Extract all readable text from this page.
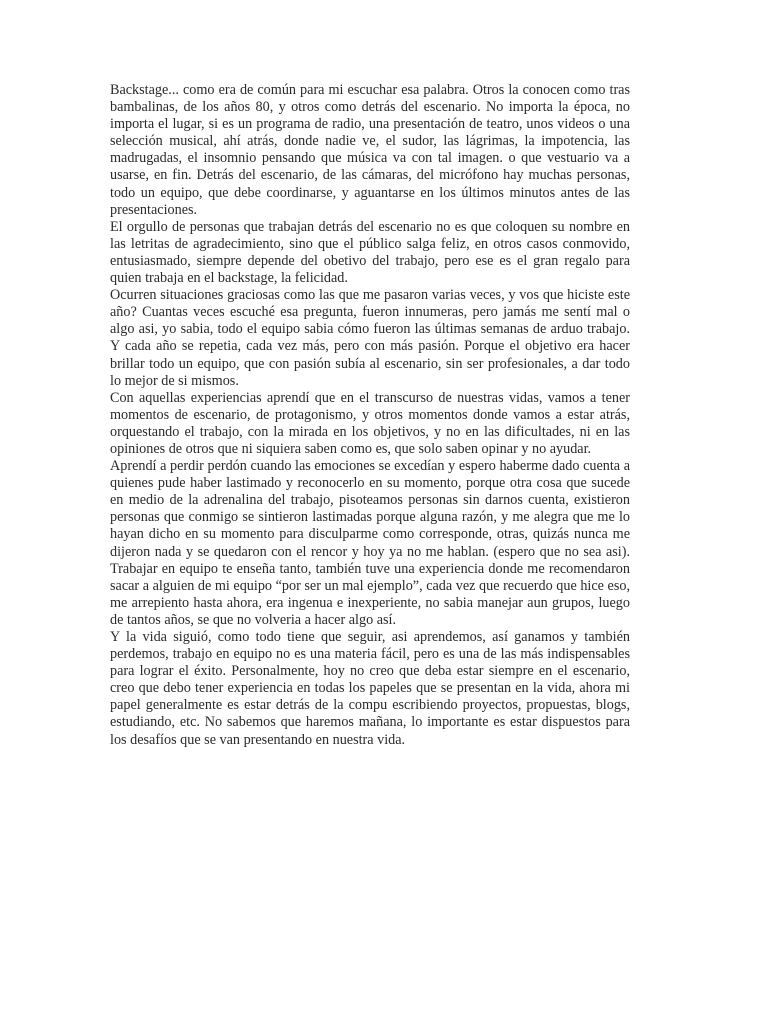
Backstage... como era de común para mi escuchar esa palabra. Otros la conocen como tras bambalinas, de los años 80, y otros como detrás del escenario. No importa la época, no importa el lugar, si es un programa de radio, una presentación de teatro, unos videos o una selección musical, ahí atrás, donde nadie ve, el sudor, las lágrimas, la impotencia, las madrugadas, el insomnio pensando que música va con tal imagen. o que vestuario va a usarse, en fin. Detrás del escenario, de las cámaras, del micrófono hay muchas personas, todo un equipo, que debe coordinarse, y aguantarse en los últimos minutos antes de las presentaciones.

El orgullo de personas que trabajan detrás del escenario no es que coloquen su nombre en las letritas de agradecimiento, sino que el público salga feliz, en otros casos conmovido, entusiasmado, siempre depende del obetivo del trabajo, pero ese es el gran regalo para quien trabaja en el backstage, la felicidad.

Ocurren situaciones graciosas como las que me pasaron varias veces, y vos que hiciste este año? Cuantas veces escuché esa pregunta, fueron innumeras, pero jamás me sentí mal o algo asi, yo sabia, todo el equipo sabia cómo fueron las últimas semanas de arduo trabajo. Y cada año se repetia, cada vez más, pero con más pasión. Porque el objetivo era hacer brillar todo un equipo, que con pasión subía al escenario, sin ser profesionales, a dar todo lo mejor de si mismos.

Con aquellas experiencias aprendí que en el transcurso de nuestras vidas, vamos a tener momentos de escenario, de protagonismo, y otros momentos donde vamos a estar atrás, orquestando el trabajo, con la mirada en los objetivos, y no en las dificultades, ni en las opiniones de otros que ni siquiera saben como es, que solo saben opinar y no ayudar.

Aprendí a perdir perdón cuando las emociones se excedían y espero haberme dado cuenta a quienes pude haber lastimado y reconocerlo en su momento, porque otra cosa que sucede en medio de la adrenalina del trabajo, pisoteamos personas sin darnos cuenta, existieron personas que conmigo se sintieron lastimadas porque alguna razón, y me alegra que me lo hayan dicho en su momento para disculparme como corresponde, otras, quizás nunca me dijeron nada y se quedaron con el rencor y hoy ya no me hablan. (espero que no sea asi). Trabajar en equipo te enseña tanto, también tuve una experiencia donde me recomendaron sacar a alguien de mi equipo “por ser un mal ejemplo”, cada vez que recuerdo que hice eso, me arrepiento hasta ahora, era ingenua e inexperiente, no sabia manejar aun grupos, luego de tantos años, se que no volveria a hacer algo así.

Y la vida siguió, como todo tiene que seguir, asi aprendemos, así ganamos y también perdemos, trabajo en equipo no es una materia fácil, pero es una de las más indispensables para lograr el éxito. Personalmente, hoy no creo que deba estar siempre en el escenario, creo que debo tener experiencia en todas los papeles que se presentan en la vida, ahora mi papel generalmente es estar detrás de la compu escribiendo proyectos, propuestas, blogs, estudiando, etc. No sabemos que haremos mañana, lo importante es estar dispuestos para los desafíos que se van presentando en nuestra vida.
